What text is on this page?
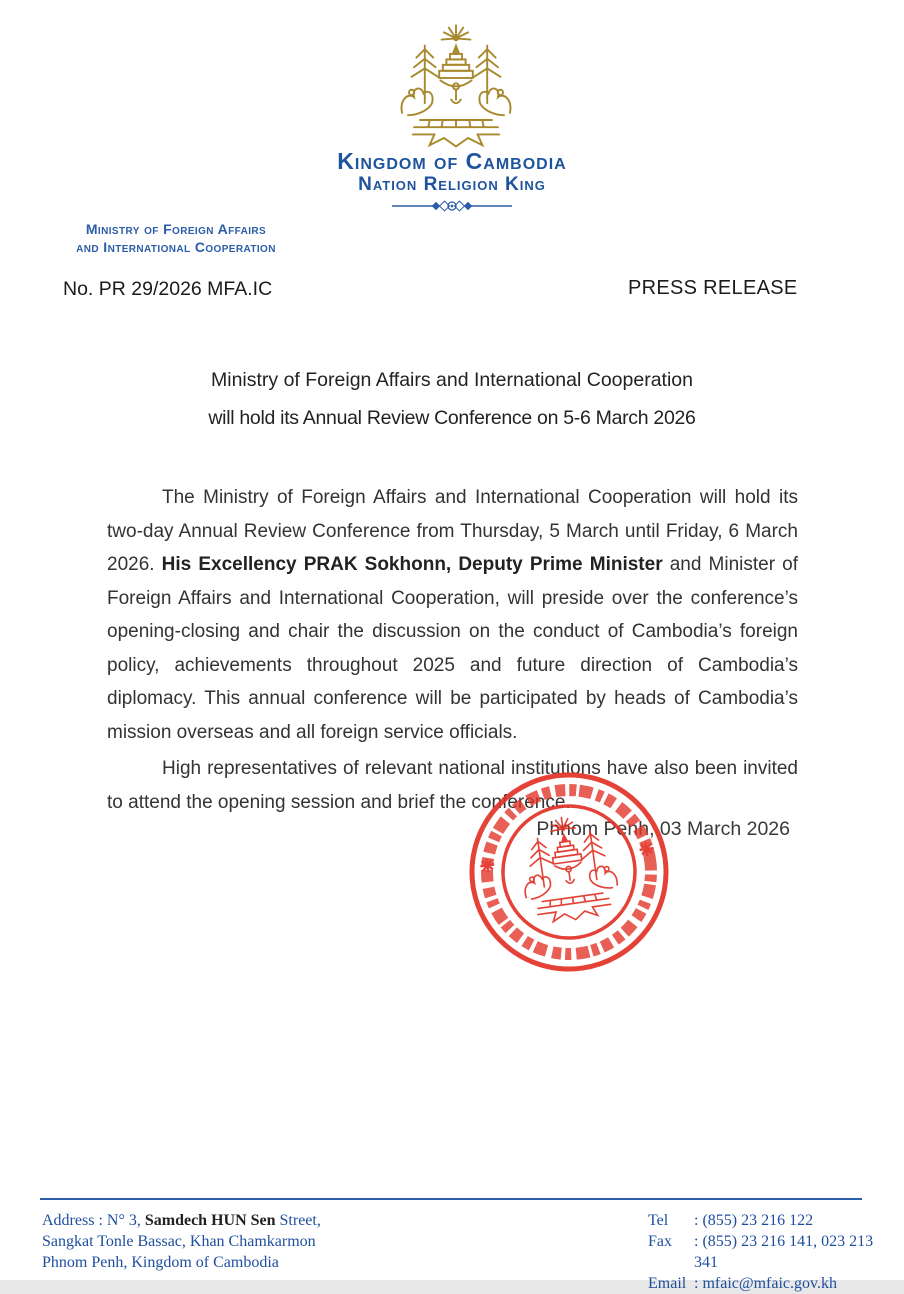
Kingdom of Cambodia
Nation Religion King
Ministry of Foreign Affairs
and International Cooperation
No. PR 29/2026 MFA.IC	PRESS RELEASE
Ministry of Foreign Affairs and International Cooperation
will hold its Annual Review Conference on 5-6 March 2026

The Ministry of Foreign Affairs and International Cooperation will hold its two-day Annual Review Conference from Thursday, 5 March until Friday, 6 March 2026. His Excellency PRAK Sokhonn, Deputy Prime Minister and Minister of Foreign Affairs and International Cooperation, will preside over the conference’s opening-closing and chair the discussion on the conduct of Cambodia’s foreign policy, achievements throughout 2025 and future direction of Cambodia’s diplomacy. This annual conference will be participated by heads of Cambodia’s mission overseas and all foreign service officials.

High representatives of relevant national institutions have also been invited to attend the opening session and brief the conference.

Phnom Penh, 03 March 2026
Address : N° 3, Samdech HUN Sen Street,
Sangkat Tonle Bassac, Khan Chamkarmon
Phnom Penh, Kingdom of Cambodia
Tel	: (855) 23 216 122
Fax	: (855) 23 216 141, 023 213 341
Email : mfaic@mfaic.gov.kh
